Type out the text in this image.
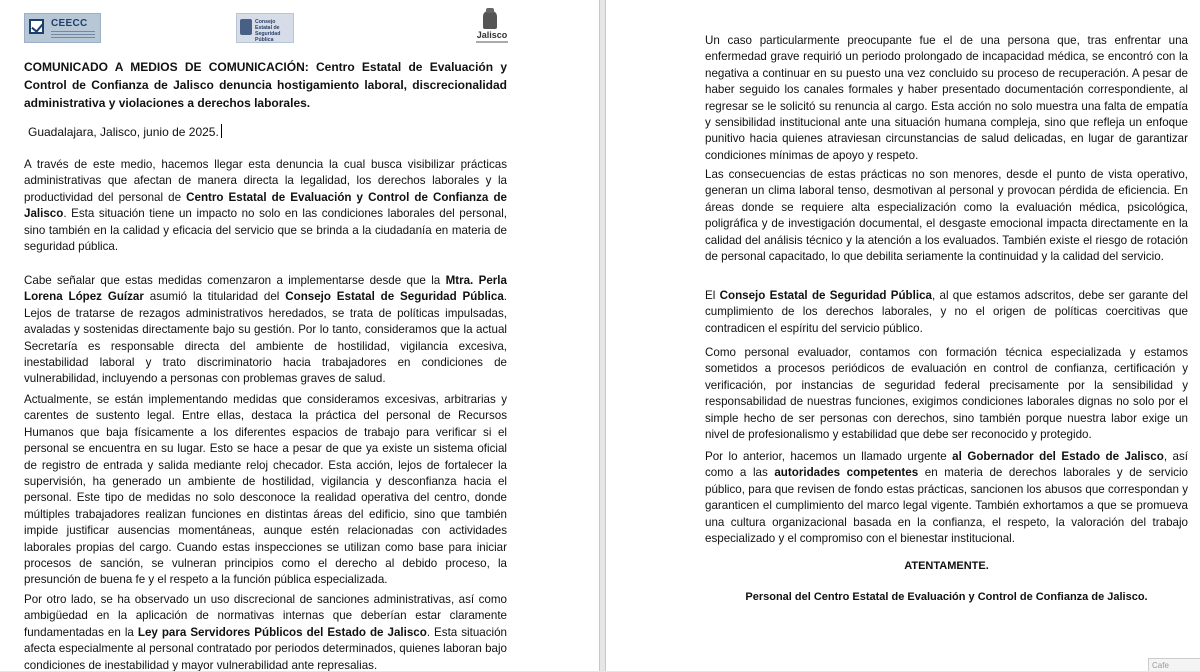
CEECC	Consejo Estatal de
Seguridad Pública	Jalisco

COMUNICADO A MEDIOS DE COMUNICACIÓN: Centro Estatal de Evaluación y Control de Confianza de Jalisco denuncia hostigamiento laboral, discrecionalidad administrativa y violaciones a derechos laborales.

Guadalajara, Jalisco, junio de 2025.

A través de este medio, hacemos llegar esta denuncia la cual busca visibilizar prácticas administrativas que afectan de manera directa la legalidad, los derechos laborales y la productividad del personal de Centro Estatal de Evaluación y Control de Confianza de Jalisco. Esta situación tiene un impacto no solo en las condiciones laborales del personal, sino también en la calidad y eficacia del servicio que se brinda a la ciudadanía en materia de seguridad pública.

Cabe señalar que estas medidas comenzaron a implementarse desde que la Mtra. Perla Lorena López Guízar asumió la titularidad del Consejo Estatal de Seguridad Pública. Lejos de tratarse de rezagos administrativos heredados, se trata de políticas impulsadas, avaladas y sostenidas directamente bajo su gestión. Por lo tanto, consideramos que la actual Secretaría es responsable directa del ambiente de hostilidad, vigilancia excesiva, inestabilidad laboral y trato discriminatorio hacia trabajadores en condiciones de vulnerabilidad, incluyendo a personas con problemas graves de salud.

Actualmente, se están implementando medidas que consideramos excesivas, arbitrarias y carentes de sustento legal. Entre ellas, destaca la práctica del personal de Recursos Humanos que baja físicamente a los diferentes espacios de trabajo para verificar si el personal se encuentra en su lugar. Esto se hace a pesar de que ya existe un sistema oficial de registro de entrada y salida mediante reloj checador. Esta acción, lejos de fortalecer la supervisión, ha generado un ambiente de hostilidad, vigilancia y desconfianza hacia el personal. Este tipo de medidas no solo desconoce la realidad operativa del centro, donde múltiples trabajadores realizan funciones en distintas áreas del edificio, sino que también impide justificar ausencias momentáneas, aunque estén relacionadas con actividades laborales propias del cargo. Cuando estas inspecciones se utilizan como base para iniciar procesos de sanción, se vulneran principios como el derecho al debido proceso, la presunción de buena fe y el respeto a la función pública especializada.

Por otro lado, se ha observado un uso discrecional de sanciones administrativas, así como ambigüedad en la aplicación de normativas internas que deberían estar claramente fundamentadas en la Ley para Servidores Públicos del Estado de Jalisco. Esta situación afecta especialmente al personal contratado por periodos determinados, quienes laboran bajo condiciones de inestabilidad y mayor vulnerabilidad ante represalias.

Un caso particularmente preocupante fue el de una persona que, tras enfrentar una enfermedad grave requirió un periodo prolongado de incapacidad médica, se encontró con la negativa a continuar en su puesto una vez concluido su proceso de recuperación. A pesar de haber seguido los canales formales y haber presentado documentación correspondiente, al regresar se le solicitó su renuncia al cargo. Esta acción no solo muestra una falta de empatía y sensibilidad institucional ante una situación humana compleja, sino que refleja un enfoque punitivo hacia quienes atraviesan circunstancias de salud delicadas, en lugar de garantizar condiciones mínimas de apoyo y respeto.

Las consecuencias de estas prácticas no son menores, desde el punto de vista operativo, generan un clima laboral tenso, desmotivan al personal y provocan pérdida de eficiencia. En áreas donde se requiere alta especialización como la evaluación médica, psicológica, poligráfica y de investigación documental, el desgaste emocional impacta directamente en la calidad del análisis técnico y la atención a los evaluados. También existe el riesgo de rotación de personal capacitado, lo que debilita seriamente la continuidad y la calidad del servicio.

El Consejo Estatal de Seguridad Pública, al que estamos adscritos, debe ser garante del cumplimiento de los derechos laborales, y no el origen de políticas coercitivas que contradicen el espíritu del servicio público.

Como personal evaluador, contamos con formación técnica especializada y estamos sometidos a procesos periódicos de evaluación en control de confianza, certificación y verificación, por instancias de seguridad federal precisamente por la sensibilidad y responsabilidad de nuestras funciones, exigimos condiciones laborales dignas no solo por el simple hecho de ser personas con derechos, sino también porque nuestra labor exige un nivel de profesionalismo y estabilidad que debe ser reconocido y protegido.

Por lo anterior, hacemos un llamado urgente al Gobernador del Estado de Jalisco, así como a las autoridades competentes en materia de derechos laborales y de servicio público, para que revisen de fondo estas prácticas, sancionen los abusos que correspondan y garanticen el cumplimiento del marco legal vigente. También exhortamos a que se promueva una cultura organizacional basada en la confianza, el respeto, la valoración del trabajo especializado y el compromiso con el bienestar institucional.

ATENTAMENTE.

Personal del Centro Estatal de Evaluación y Control de Confianza de Jalisco.

Cafe
